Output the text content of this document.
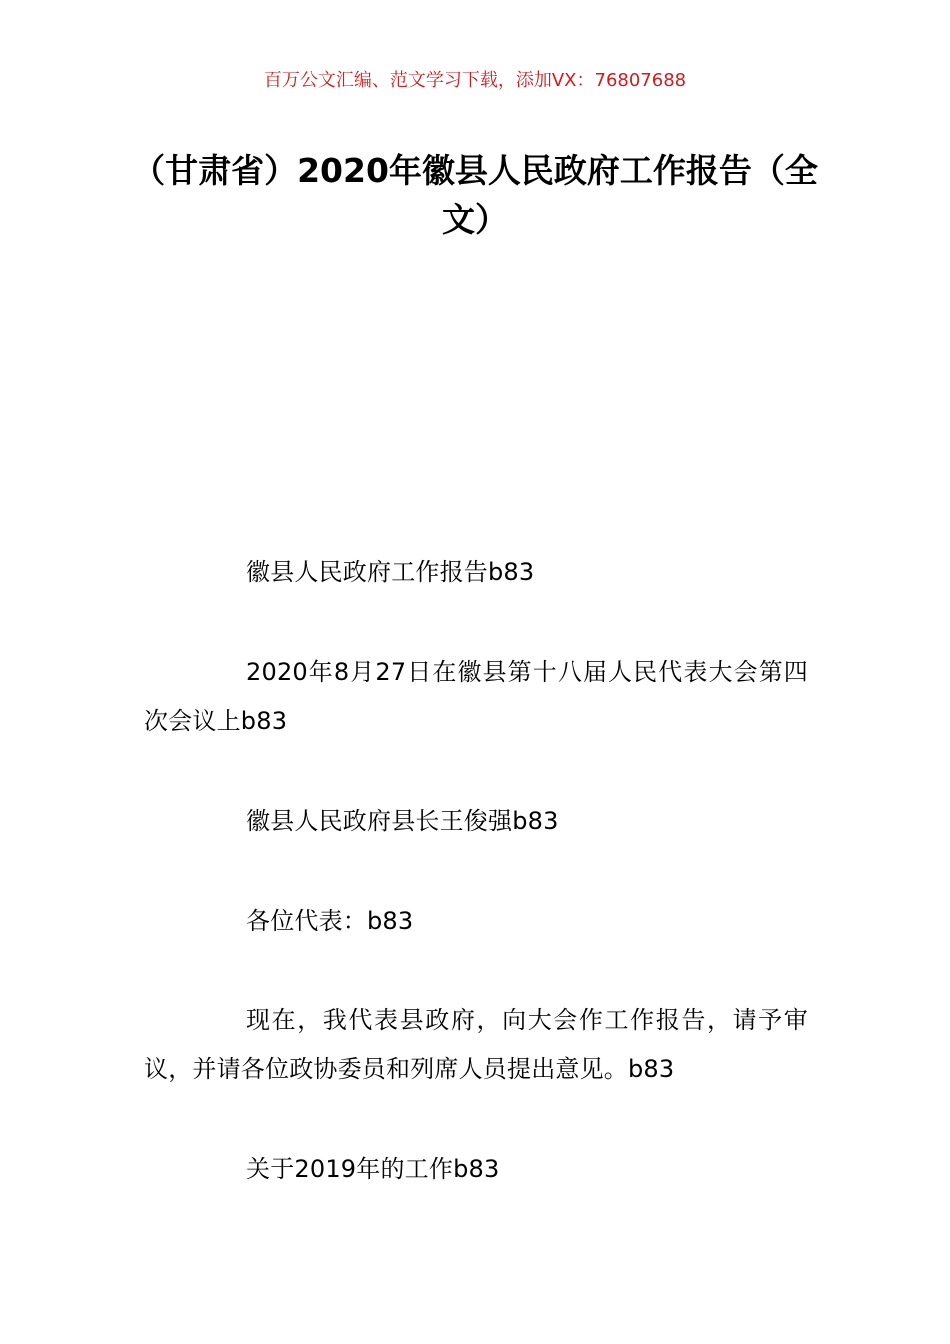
百万公文汇编、范文学习下载，添加VX：76807688
（甘肃省）2020年徽县人民政府工作报告（全文）

徽县人民政府工作报告b83

2020年8月27日在徽县第十八届人民代表大会第四次会议上b83

徽县人民政府县长王俊强b83

各位代表：b83

现在，我代表县政府，向大会作工作报告，请予审议，并请各位政协委员和列席人员提出意见。b83

关于2019年的工作b83
